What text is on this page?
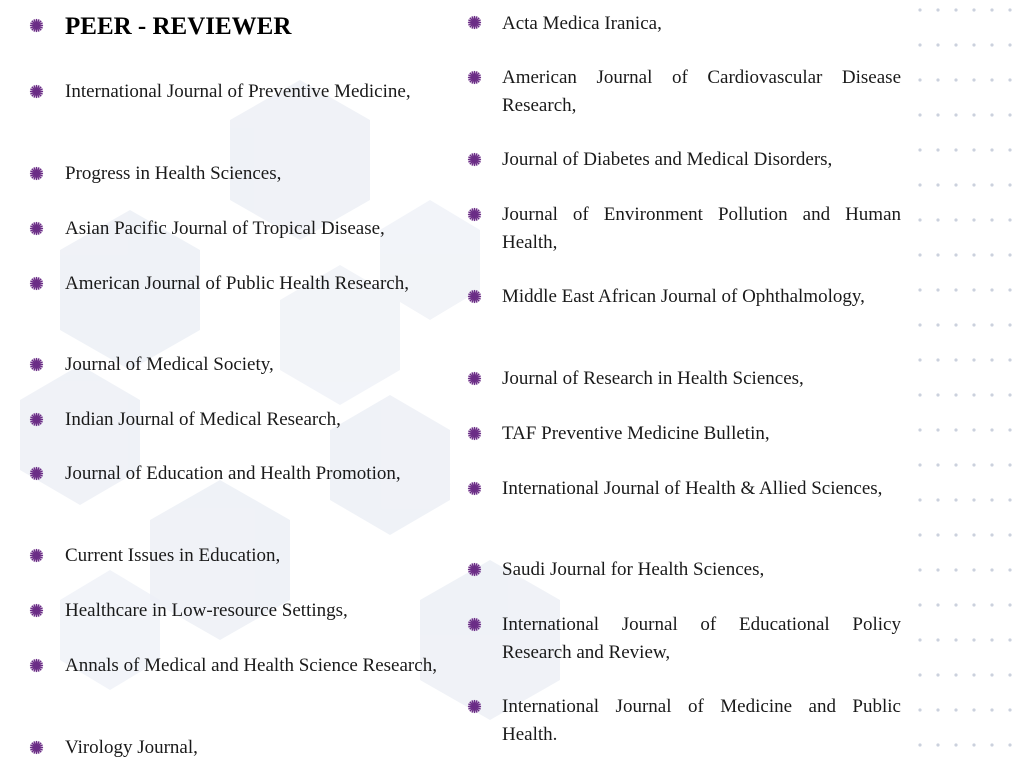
PEER - REVIEWER
International Journal of Preventive Medicine,
Progress in Health Sciences,
Asian Pacific Journal of Tropical Disease,
American Journal of Public Health Research,
Journal of Medical Society,
Indian Journal of Medical Research,
Journal of Education and Health Promotion,
Current Issues in Education,
Healthcare in Low-resource Settings,
Annals of Medical and Health Science Research,
Virology Journal,
Acta Medica Iranica,
American Journal of Cardiovascular Disease Research,
Journal of Diabetes and Medical Disorders,
Journal of Environment Pollution and Human Health,
Middle East African Journal of Ophthalmology,
Journal of Research in Health Sciences,
TAF Preventive Medicine Bulletin,
International Journal of Health & Allied Sciences,
Saudi Journal for Health Sciences,
International Journal of Educational Policy Research and Review,
International Journal of Medicine and Public Health.
